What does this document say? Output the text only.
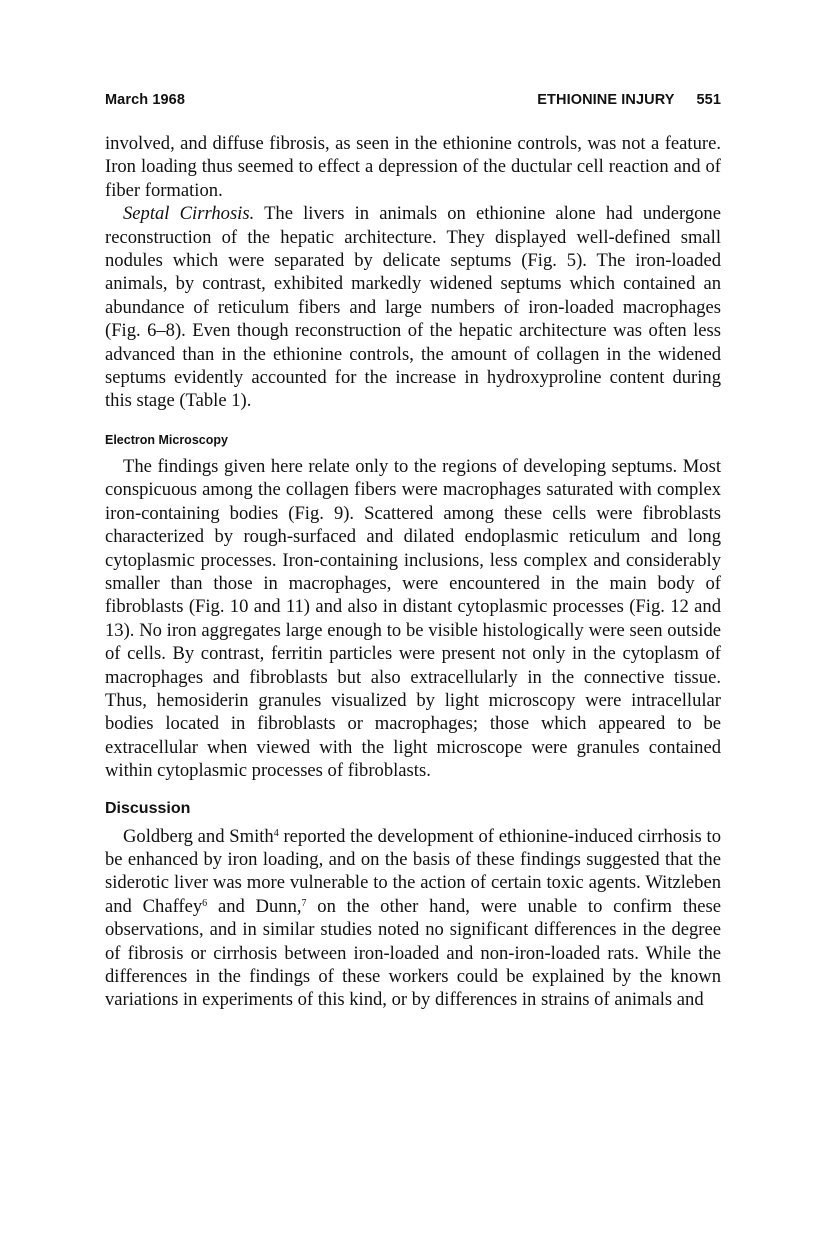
March 1968	ETHIONINE INJURY 551

involved, and diffuse fibrosis, as seen in the ethionine controls, was not a feature. Iron loading thus seemed to effect a depression of the ductular cell reaction and of fiber formation.

Septal Cirrhosis. The livers in animals on ethionine alone had undergone reconstruction of the hepatic architecture. They displayed well-defined small nodules which were separated by delicate septums (Fig. 5). The iron-loaded animals, by contrast, exhibited markedly widened septums which contained an abundance of reticulum fibers and large numbers of iron-loaded macrophages (Fig. 6–8). Even though reconstruction of the hepatic architecture was often less advanced than in the ethionine controls, the amount of collagen in the widened septums evidently accounted for the increase in hydroxyproline content during this stage (Table 1).

Electron Microscopy

The findings given here relate only to the regions of developing septums. Most conspicuous among the collagen fibers were macrophages saturated with complex iron-containing bodies (Fig. 9). Scattered among these cells were fibroblasts characterized by rough-surfaced and dilated endoplasmic reticulum and long cytoplasmic processes. Iron-containing inclusions, less complex and considerably smaller than those in macrophages, were encountered in the main body of fibroblasts (Fig. 10 and 11) and also in distant cytoplasmic processes (Fig. 12 and 13). No iron aggregates large enough to be visible histologically were seen outside of cells. By contrast, ferritin particles were present not only in the cytoplasm of macrophages and fibroblasts but also extracellularly in the connective tissue. Thus, hemosiderin granules visualized by light microscopy were intracellular bodies located in fibroblasts or macrophages; those which appeared to be extracellular when viewed with the light microscope were granules contained within cytoplasmic processes of fibroblasts.

Discussion

Goldberg and Smith$^4$ reported the development of ethionine-induced cirrhosis to be enhanced by iron loading, and on the basis of these findings suggested that the siderotic liver was more vulnerable to the action of certain toxic agents. Witzleben and Chaffey$^6$ and Dunn,$^7$ on the other hand, were unable to confirm these observations, and in similar studies noted no significant differences in the degree of fibrosis or cirrhosis between iron-loaded and non-iron-loaded rats. While the differences in the findings of these workers could be explained by the known variations in experiments of this kind, or by differences in strains of animals and
